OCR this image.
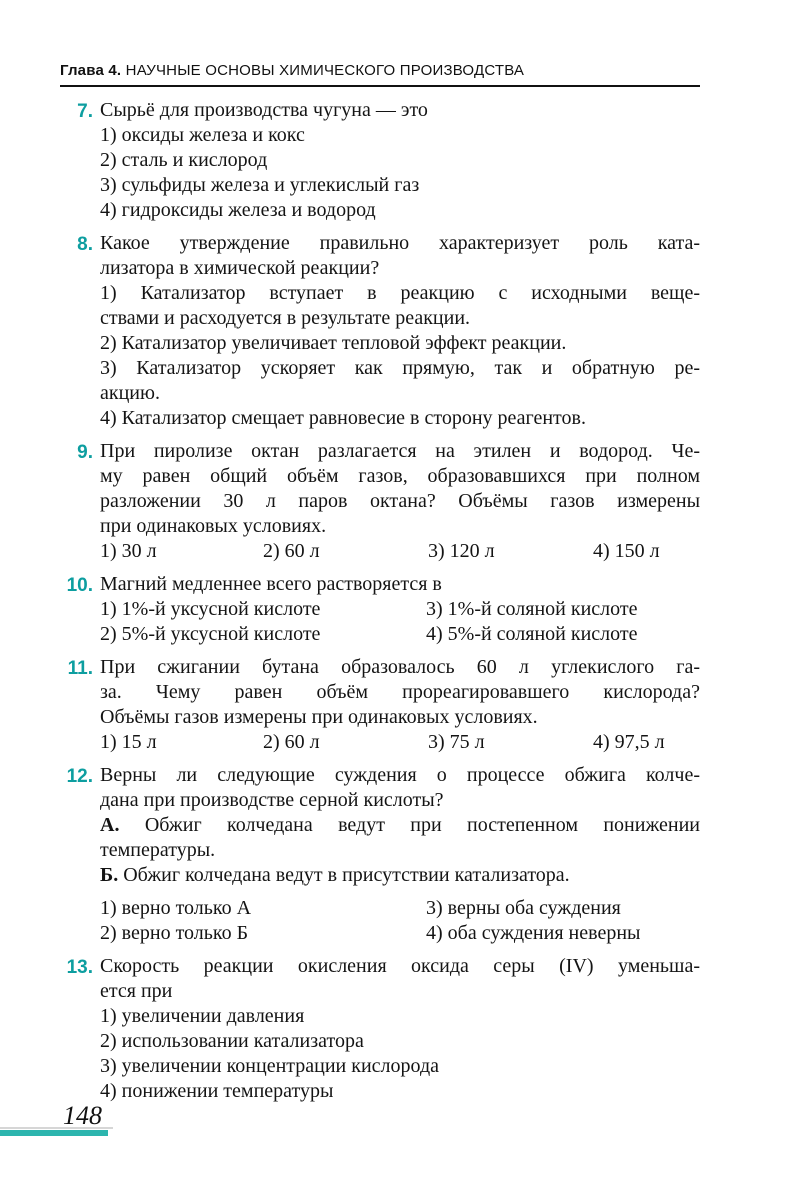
Глава 4. НАУЧНЫЕ ОСНОВЫ ХИМИЧЕСКОГО ПРОИЗВОДСТВА
7. Сырьё для производства чугуна — это
1) оксиды железа и кокс
2) сталь и кислород
3) сульфиды железа и углекислый газ
4) гидроксиды железа и водород
8. Какое утверждение правильно характеризует роль ката-
лизатора в химической реакции?
1) Катализатор вступает в реакцию с исходными веще-
ствами и расходуется в результате реакции.
2) Катализатор увеличивает тепловой эффект реакции.
3) Катализатор ускоряет как прямую, так и обратную ре-
акцию.
4) Катализатор смещает равновесие в сторону реагентов.
9. При пиролизе октан разлагается на этилен и водород. Че-
му равен общий объём газов, образовавшихся при полном
разложении 30 л паров октана? Объёмы газов измерены
при одинаковых условиях.
1) 30 л	2) 60 л	3) 120 л	4) 150 л
10. Магний медленнее всего растворяется в
1) 1%-й уксусной кислоте	3) 1%-й соляной кислоте
2) 5%-й уксусной кислоте	4) 5%-й соляной кислоте
11. При сжигании бутана образовалось 60 л углекислого га-
за. Чему равен объём прореагировавшего кислорода?
Объёмы газов измерены при одинаковых условиях.
1) 15 л	2) 60 л	3) 75 л	4) 97,5 л
12. Верны ли следующие суждения о процессе обжига колче-
дана при производстве серной кислоты?
А. Обжиг колчедана ведут при постепенном понижении
температуры.
Б. Обжиг колчедана ведут в присутствии катализатора.
1) верно только А	3) верны оба суждения
2) верно только Б	4) оба суждения неверны
13. Скорость реакции окисления оксида серы (IV) уменьша-
ется при
1) увеличении давления
2) использовании катализатора
3) увеличении концентрации кислорода
4) понижении температуры
148
